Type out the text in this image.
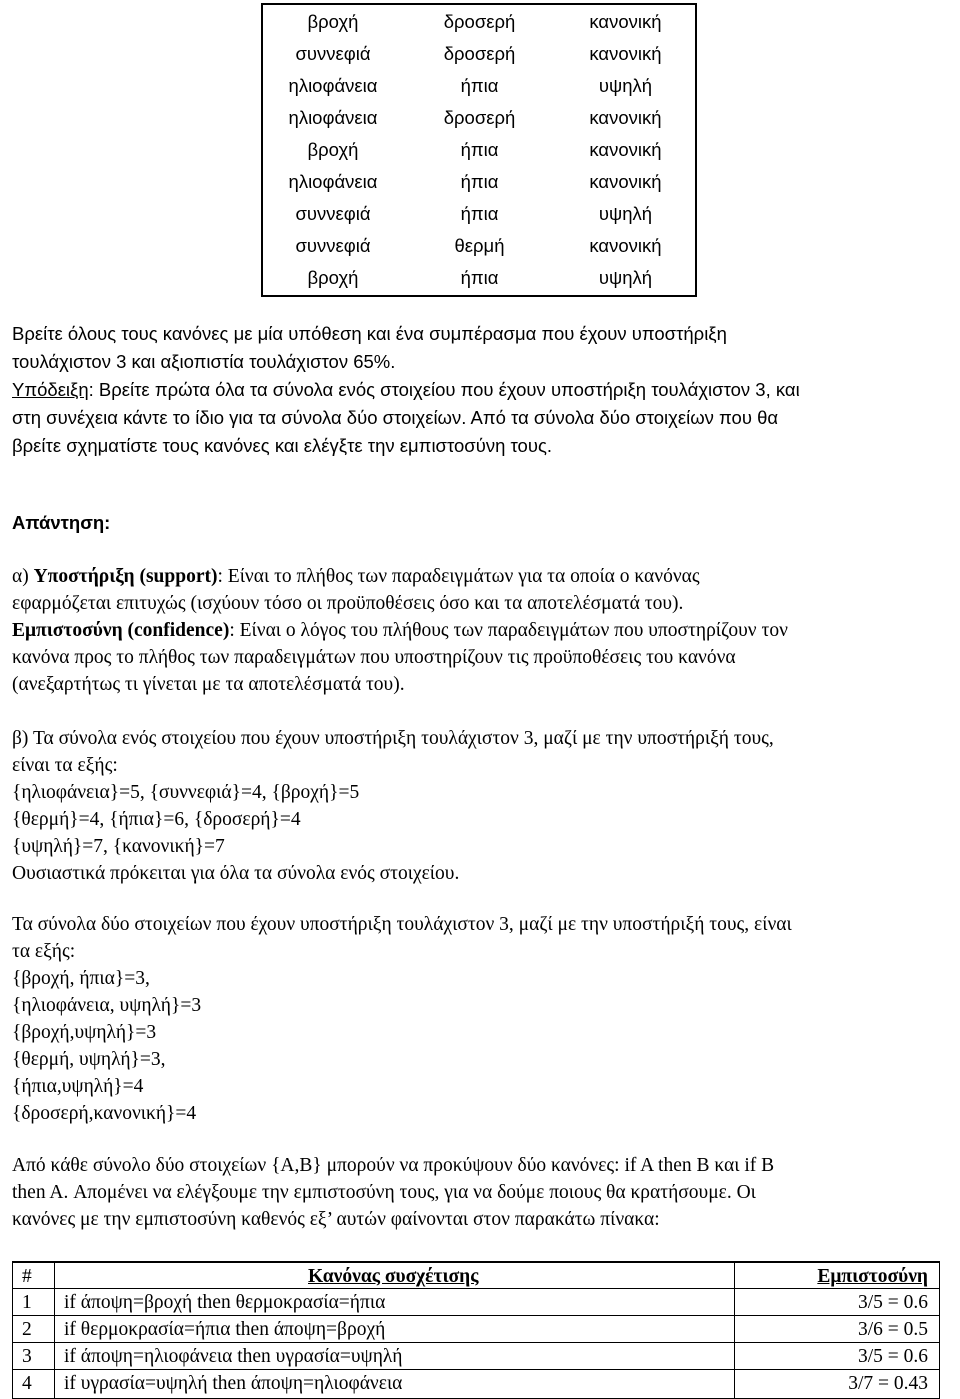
βροχή	δροσερή	κανονική
συννεφιά	δροσερή	κανονική
ηλιοφάνεια	ήπια	υψηλή
ηλιοφάνεια	δροσερή	κανονική
βροχή	ήπια	κανονική
ηλιοφάνεια	ήπια	κανονική
συννεφιά	ήπια	υψηλή
συννεφιά	θερμή	κανονική
βροχή	ήπια	υψηλή
Βρείτε όλους τους κανόνες με μία υπόθεση και ένα συμπέρασμα που έχουν υποστήριξη
τουλάχιστον 3 και αξιοπιστία τουλάχιστον 65%.
Υπόδειξη: Βρείτε πρώτα όλα τα σύνολα ενός στοιχείου που έχουν υποστήριξη τουλάχιστον 3, και
στη συνέχεια κάντε το ίδιο για τα σύνολα δύο στοιχείων. Από τα σύνολα δύο στοιχείων που θα
βρείτε σχηματίστε τους κανόνες και ελέγξτε την εμπιστοσύνη τους.
Απάντηση:
α) Υποστήριξη (support): Είναι το πλήθος των παραδειγμάτων για τα οποία ο κανόνας
εφαρμόζεται επιτυχώς (ισχύουν τόσο οι προϋποθέσεις όσο και τα αποτελέσματά του).
Εμπιστοσύνη (confidence): Είναι ο λόγος του πλήθους των παραδειγμάτων που υποστηρίζουν τον
κανόνα προς το πλήθος των παραδειγμάτων που υποστηρίζουν τις προϋποθέσεις του κανόνα
(ανεξαρτήτως τι γίνεται με τα αποτελέσματά του).
β) Τα σύνολα ενός στοιχείου που έχουν υποστήριξη τουλάχιστον 3, μαζί με την υποστήριξή τους,
είναι τα εξής:
{ηλιοφάνεια}=5, {συννεφιά}=4, {βροχή}=5
{θερμή}=4, {ήπια}=6, {δροσερή}=4
{υψηλή}=7, {κανονική}=7
Ουσιαστικά πρόκειται για όλα τα σύνολα ενός στοιχείου.
Τα σύνολα δύο στοιχείων που έχουν υποστήριξη τουλάχιστον 3, μαζί με την υποστήριξή τους, είναι
τα εξής:
{βροχή, ήπια}=3,
{ηλιοφάνεια, υψηλή}=3
{βροχή,υψηλή}=3
{θερμή, υψηλή}=3,
{ήπια,υψηλή}=4
{δροσερή,κανονική}=4
Από κάθε σύνολο δύο στοιχείων {A,B} μπορούν να προκύψουν δύο κανόνες: if A then B και if B
then A. Απομένει να ελέγξουμε την εμπιστοσύνη τους, για να δούμε ποιους θα κρατήσουμε. Οι
κανόνες με την εμπιστοσύνη καθενός εξ’ αυτών φαίνονται στον παρακάτω πίνακα:
#	Κανόνας συσχέτισης	Εμπιστοσύνη
1 if άποψη=βροχή then θερμοκρασία=ήπια	3/5 = 0.6
2 if θερμοκρασία=ήπια then άποψη=βροχή	3/6 = 0.5
3 if άποψη=ηλιοφάνεια then υγρασία=υψηλή	3/5 = 0.6
4 if υγρασία=υψηλή then άποψη=ηλιοφάνεια	3/7 = 0.43
